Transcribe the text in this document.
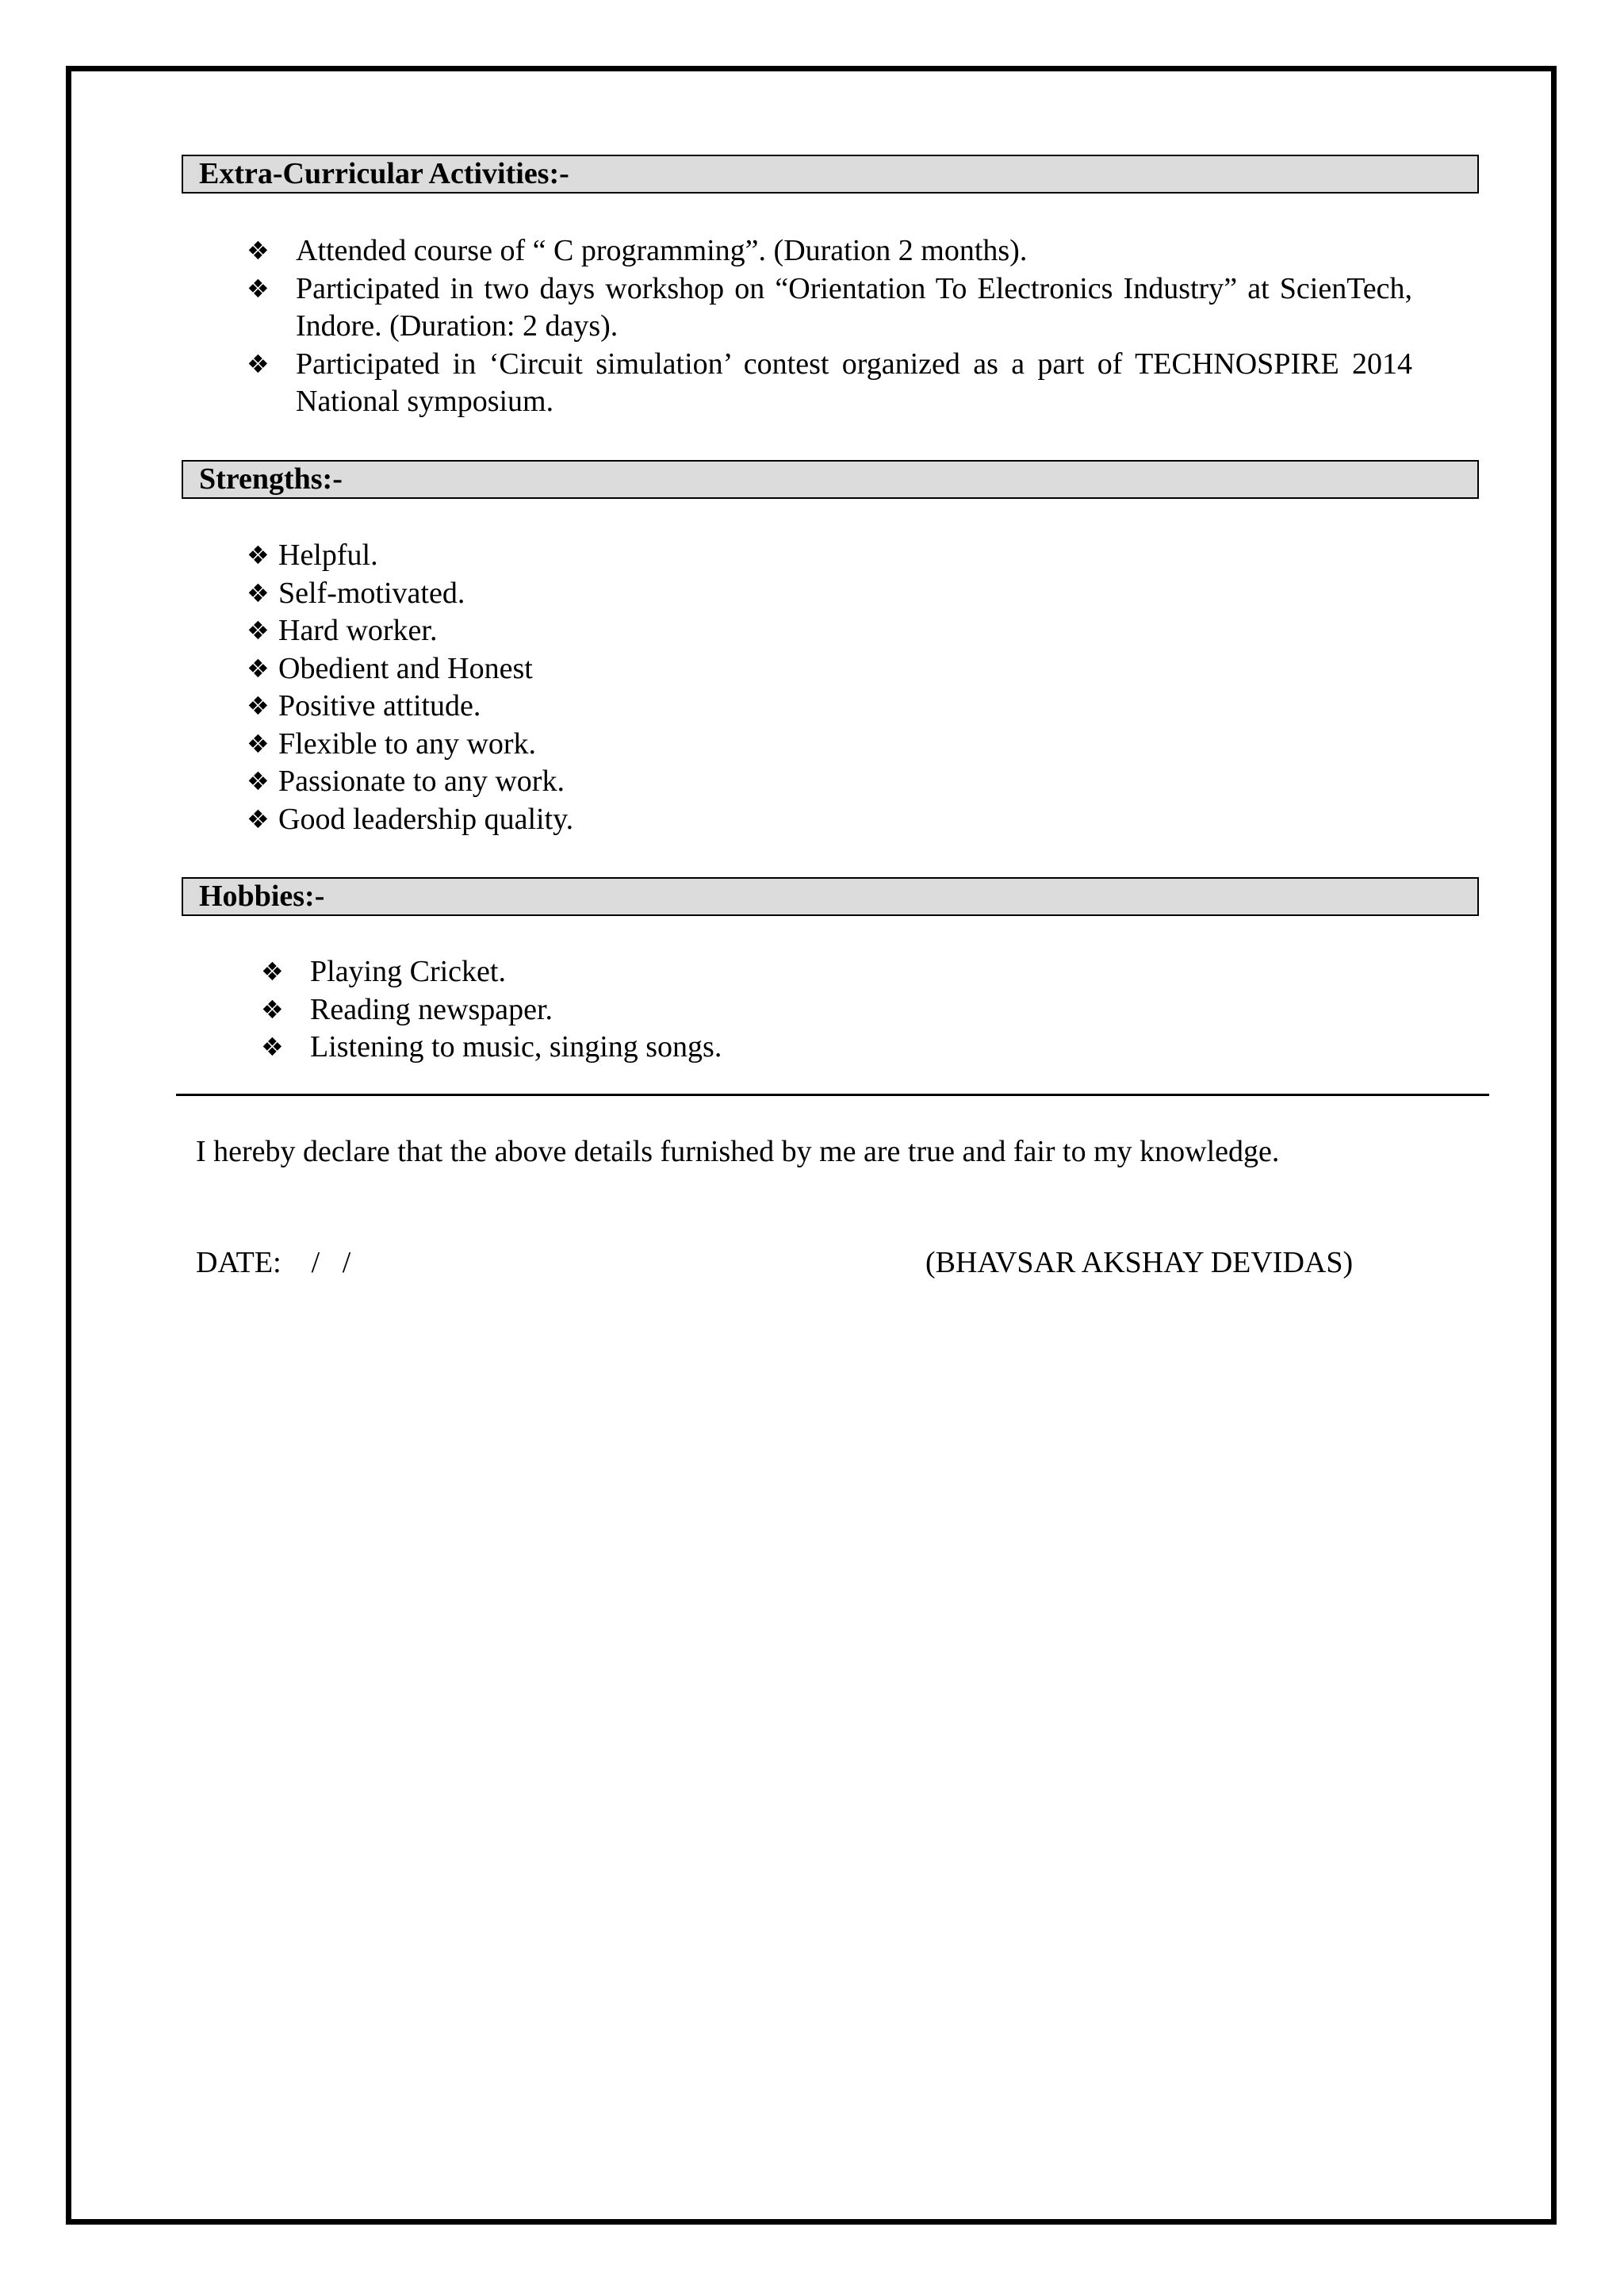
Extra-Curricular Activities:-
❖ Attended course of “ C programming”. (Duration 2 months).
❖ Participated in two days workshop on “Orientation To Electronics Industry” at ScienTech, Indore. (Duration: 2 days).
❖ Participated in ‘Circuit simulation’ contest organized as a part of TECHNOSPIRE 2014 National symposium.
Strengths:-
❖ Helpful.
❖ Self-motivated.
❖ Hard worker.
❖ Obedient and Honest
❖ Positive attitude.
❖ Flexible to any work.
❖ Passionate to any work.
❖ Good leadership quality.
Hobbies:-
❖ Playing Cricket.
❖ Reading newspaper.
❖ Listening to music, singing songs.
I hereby declare that the above details furnished by me are true and fair to my knowledge.
DATE:    /   /	(BHAVSAR AKSHAY DEVIDAS)
